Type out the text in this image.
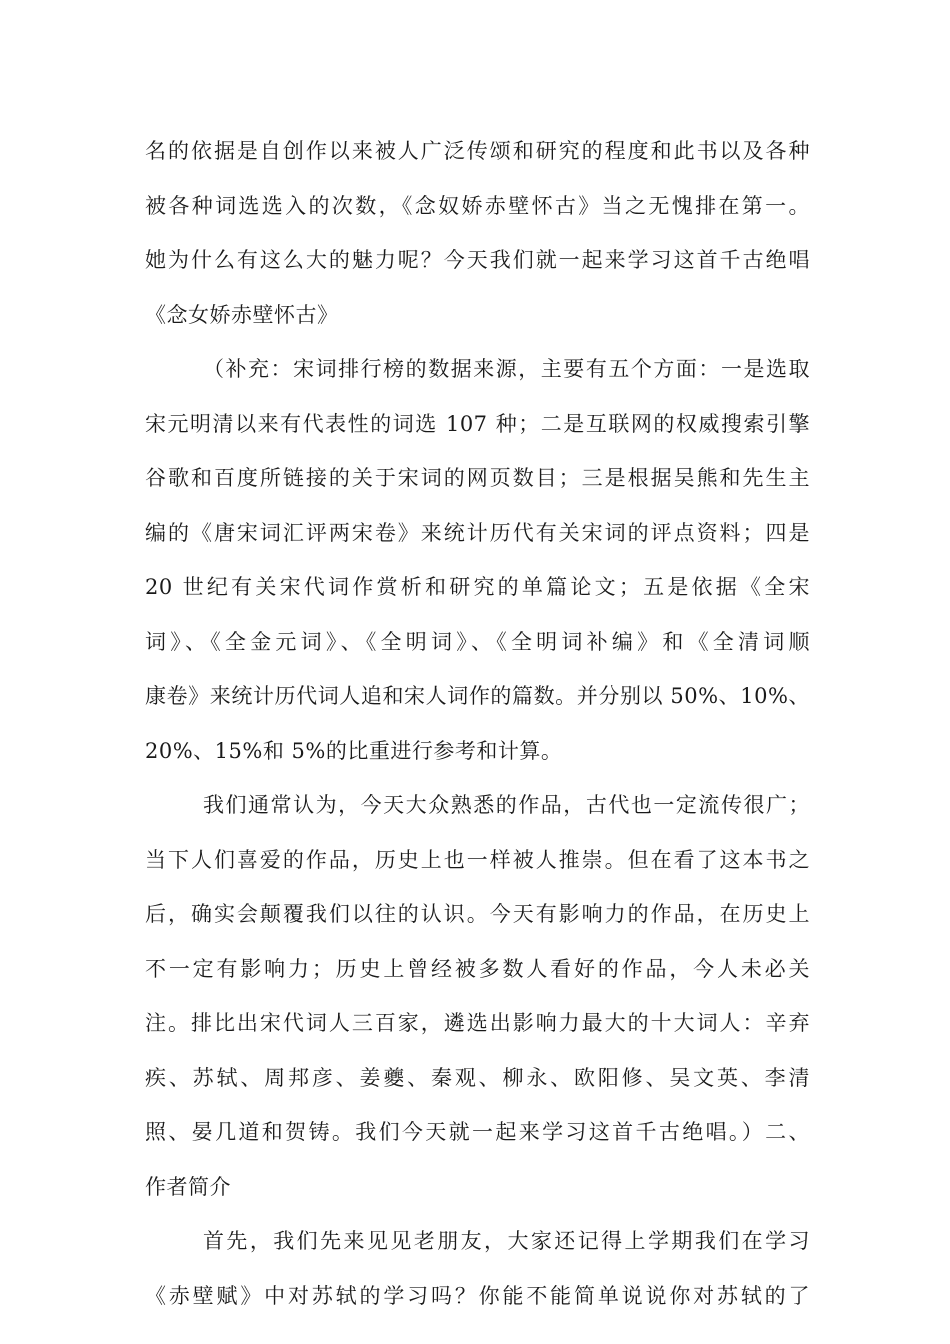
名的依据是自创作以来被人广泛传颂和研究的程度和此书以及各种
被各种词选选入的次数，《念奴娇赤壁怀古》当之无愧排在第一。
她为什么有这么大的魅力呢？今天我们就一起来学习这首千古绝唱
《念女娇赤壁怀古》
（补充：宋词排行榜的数据来源，主要有五个方面：一是选取
宋元明清以来有代表性的词选 107 种；二是互联网的权威搜索引擎
谷歌和百度所链接的关于宋词的网页数目；三是根据吴熊和先生主
编的《唐宋词汇评两宋卷》来统计历代有关宋词的评点资料；四是
20 世纪有关宋代词作赏析和研究的单篇论文；五是依据《全宋
词》、《全金元词》、《全明词》、《全明词补编》和《全清词顺
康卷》来统计历代词人追和宋人词作的篇数。并分别以 50%、10%、
20%、15%和 5%的比重进行参考和计算。
我们通常认为，今天大众熟悉的作品，古代也一定流传很广；
当下人们喜爱的作品，历史上也一样被人推崇。但在看了这本书之
后，确实会颠覆我们以往的认识。今天有影响力的作品，在历史上
不一定有影响力；历史上曾经被多数人看好的作品，今人未必关
注。排比出宋代词人三百家，遴选出影响力最大的十大词人：辛弃
疾、苏轼、周邦彦、姜夔、秦观、柳永、欧阳修、吴文英、李清
照、晏几道和贺铸。我们今天就一起来学习这首千古绝唱。）二、
作者简介
首先，我们先来见见老朋友，大家还记得上学期我们在学习
《赤壁赋》中对苏轼的学习吗？你能不能简单说说你对苏轼的了
